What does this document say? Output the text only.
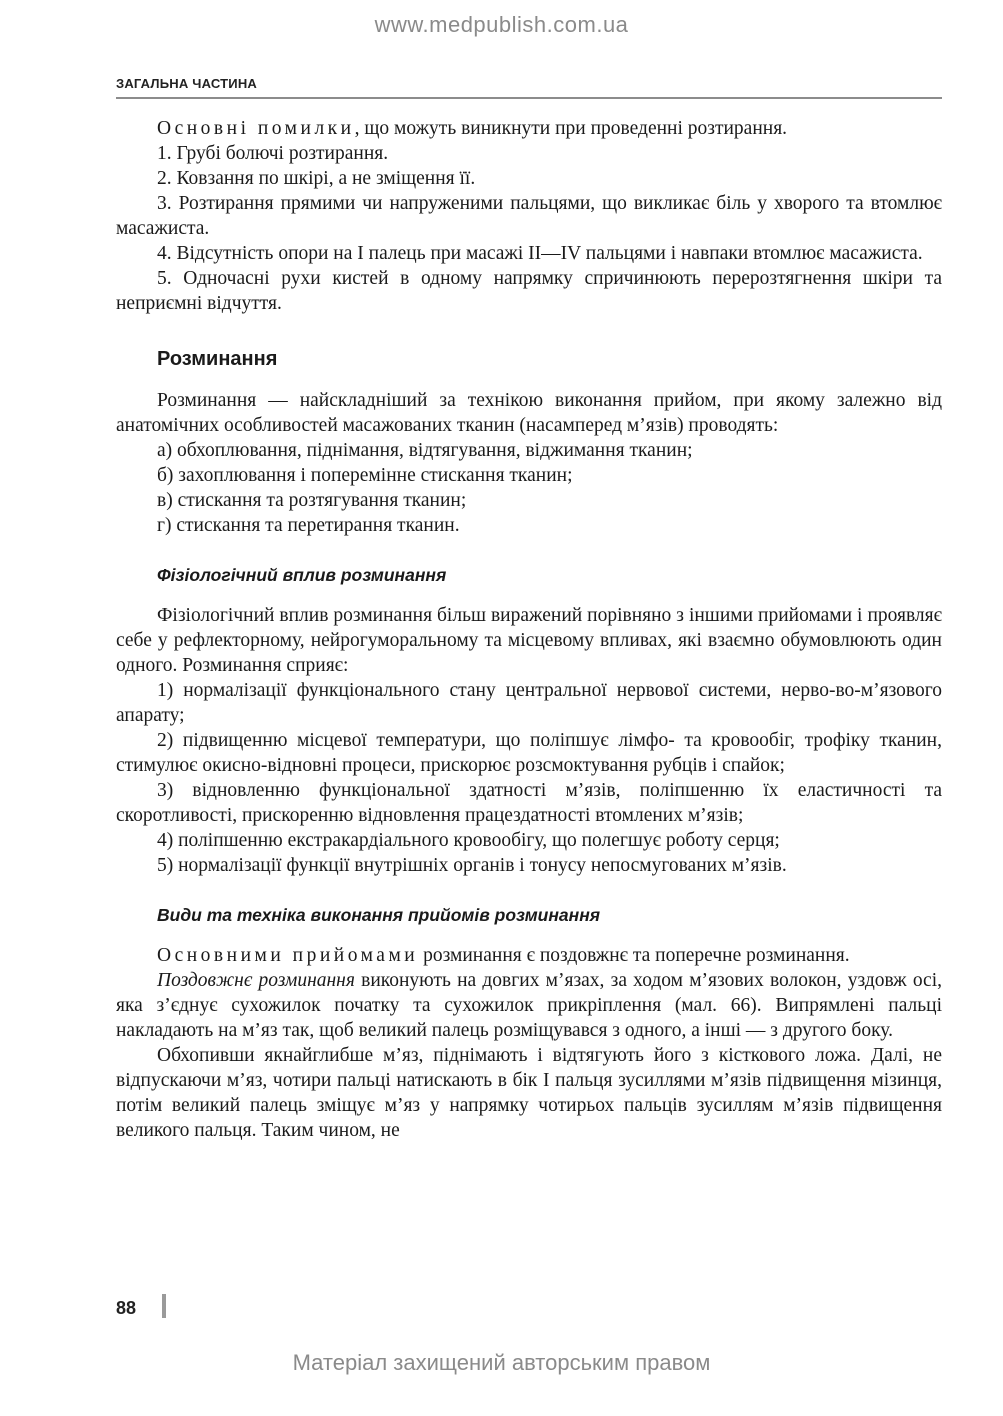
www.medpublish.com.ua
ЗАГАЛЬНА ЧАСТИНА

Основні помилки, що можуть виникнути при проведенні розтирання.

1. Грубі болючі розтирання.

2. Ковзання по шкірі, а не зміщення її.

3. Розтирання прямими чи напруженими пальцями, що викликає біль у хворого та втомлює масажиста.

4. Відсутність опори на I палець при масажі II—IV пальцями і навпаки втомлює масажиста.

5. Одночасні рухи кистей в одному напрямку спричинюють перерозтягнення шкіри та неприємні відчуття.

Розминання

Розминання — найскладніший за технікою виконання прийом, при якому залежно від анатомічних особливостей масажованих тканин (насамперед м’язів) проводять:

а) обхоплювання, піднімання, відтягування, віджимання тканин;

б) захоплювання і поперемінне стискання тканин;

в) стискання та розтягування тканин;

г) стискання та перетирання тканин.

Фізіологічний вплив розминання

Фізіологічний вплив розминання більш виражений порівняно з іншими прийомами і проявляє себе у рефлекторному, нейрогуморальному та місцевому впливах, які взаємно обумовлюють один одного. Розминання сприяє:

1) нормалізації функціонального стану центральної нервової системи, нерво-во-м’язового апарату;

2) підвищенню місцевої температури, що поліпшує лімфо- та кровообіг, трофіку тканин, стимулює окисно-відновні процеси, прискорює розсмоктування рубців і спайок;

3) відновленню функціональної здатності м’язів, поліпшенню їх еластичності та скоротливості, прискоренню відновлення працездатності втомлених м’язів;

4) поліпшенню екстракардіального кровообігу, що полегшує роботу серця;

5) нормалізації функції внутрішніх органів і тонусу непосмугованих м’язів.

Види та техніка виконання прийомів розминання

Основними прийомами розминання є поздовжнє та поперечне розминання.

Поздовжнє розминання виконують на довгих м’язах, за ходом м’язових волокон, уздовж осі, яка з’єднує сухожилок початку та сухожилок прикріплення (мал. 66). Випрямлені пальці накладають на м’яз так, щоб великий палець розміщувався з одного, а інші — з другого боку.

Обхопивши якнайглибше м’яз, піднімають і відтягують його з кісткового ложа. Далі, не відпускаючи м’яз, чотири пальці натискають в бік I пальця зусиллями м’язів підвищення мізинця, потім великий палець зміщує м’яз у напрямку чотирьох пальців зусиллям м’язів підвищення великого пальця. Таким чином, не

88
Матеріал захищений авторським правом
